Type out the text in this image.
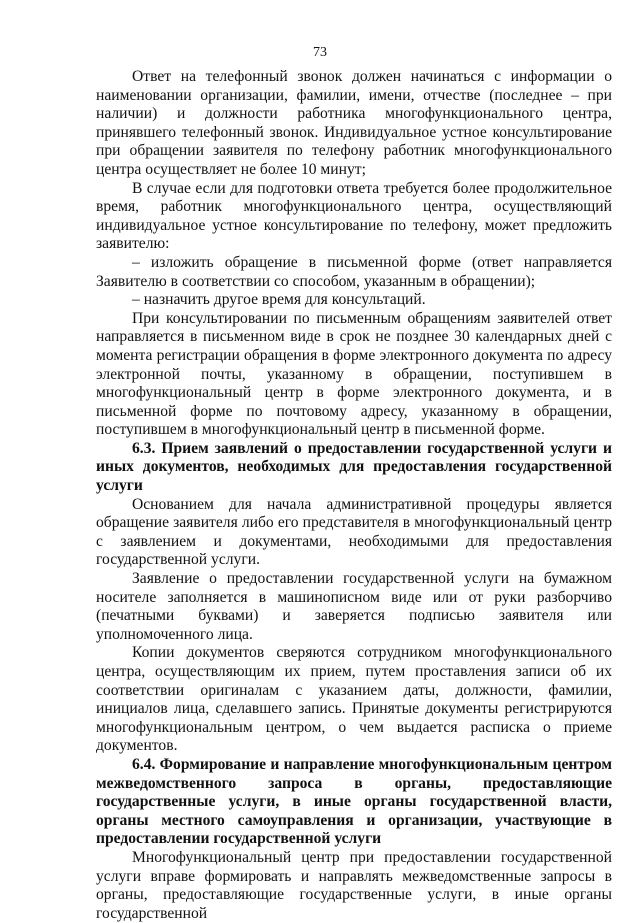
73

Ответ на телефонный звонок должен начинаться с информации о наименовании организации, фамилии, имени, отчестве (последнее – при наличии) и должности работника многофункционального центра, принявшего телефонный звонок. Индивидуальное устное консультирование при обращении заявителя по телефону работник многофункционального центра осуществляет не более 10 минут;

В случае если для подготовки ответа требуется более продолжительное время, работник многофункционального центра, осуществляющий индивидуальное устное консультирование по телефону, может предложить заявителю:

– изложить обращение в письменной форме (ответ направляется Заявителю в соответствии со способом, указанным в обращении);

– назначить другое время для консультаций.

При консультировании по письменным обращениям заявителей ответ направляется в письменном виде в срок не позднее 30 календарных дней с момента регистрации обращения в форме электронного документа по адресу электронной почты, указанному в обращении, поступившем в многофункциональный центр в форме электронного документа, и в письменной форме по почтовому адресу, указанному в обращении, поступившем в многофункциональный центр в письменной форме.

6.3. Прием заявлений о предоставлении государственной услуги и иных документов, необходимых для предоставления государственной услуги

Основанием для начала административной процедуры является обращение заявителя либо его представителя в многофункциональный центр с заявлением и документами, необходимыми для предоставления государственной услуги.

Заявление о предоставлении государственной услуги на бумажном носителе заполняется в машинописном виде или от руки разборчиво (печатными буквами) и заверяется подписью заявителя или уполномоченного лица.

Копии документов сверяются сотрудником многофункционального центра, осуществляющим их прием, путем проставления записи об их соответствии оригиналам с указанием даты, должности, фамилии, инициалов лица, сделавшего запись. Принятые документы регистрируются многофункциональным центром, о чем выдается расписка о приеме документов.

6.4. Формирование и направление многофункциональным центром межведомственного запроса в органы, предоставляющие государственные услуги, в иные органы государственной власти, органы местного самоуправления и организации, участвующие в предоставлении государственной услуги

Многофункциональный центр при предоставлении государственной услуги вправе формировать и направлять межведомственные запросы в органы, предоставляющие государственные услуги, в иные органы государственной
